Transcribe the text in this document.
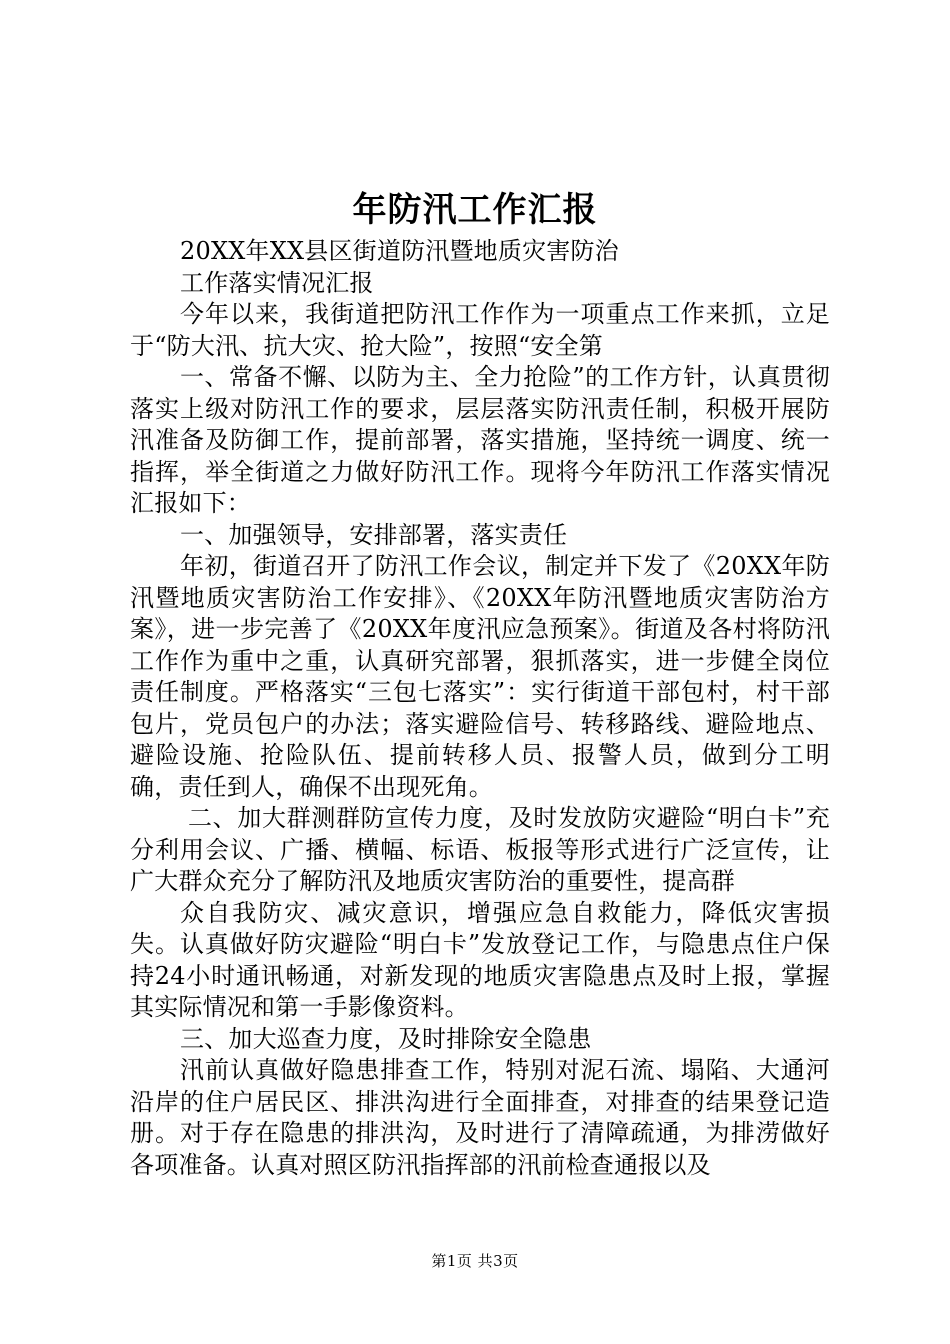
年防汛工作汇报

20XX年XX县区街道防汛暨地质灾害防治

工作落实情况汇报

今年以来，我街道把防汛工作作为一项重点工作来抓，立足于“防大汛、抗大灾、抢大险”，按照“安全第

一、常备不懈、以防为主、全力抢险”的工作方针，认真贯彻落实上级对防汛工作的要求，层层落实防汛责任制，积极开展防汛准备及防御工作，提前部署，落实措施，坚持统一调度、统一指挥，举全街道之力做好防汛工作。现将今年防汛工作落实情况汇报如下：

一、加强领导，安排部署，落实责任

年初，街道召开了防汛工作会议，制定并下发了《20XX年防汛暨地质灾害防治工作安排》、《20XX年防汛暨地质灾害防治方案》，进一步完善了《20XX年度汛应急预案》。街道及各村将防汛工作作为重中之重，认真研究部署，狠抓落实，进一步健全岗位责任制度。严格落实“三包七落实”：实行街道干部包村，村干部包片，党员包户的办法；落实避险信号、转移路线、避险地点、避险设施、抢险队伍、提前转移人员、报警人员，做到分工明确，责任到人，确保不出现死角。

二、加大群测群防宣传力度，及时发放防灾避险“明白卡”充分利用会议、广播、横幅、标语、板报等形式进行广泛宣传，让广大群众充分了解防汛及地质灾害防治的重要性，提高群

众自我防灾、减灾意识，增强应急自救能力，降低灾害损失。认真做好防灾避险“明白卡”发放登记工作，与隐患点住户保持24小时通讯畅通，对新发现的地质灾害隐患点及时上报，掌握其实际情况和第一手影像资料。

三、加大巡查力度，及时排除安全隐患

汛前认真做好隐患排查工作，特别对泥石流、塌陷、大通河沿岸的住户居民区、排洪沟进行全面排查，对排查的结果登记造册。对于存在隐患的排洪沟，及时进行了清障疏通，为排涝做好各项准备。认真对照区防汛指挥部的汛前检查通报以及

第1页 共3页
